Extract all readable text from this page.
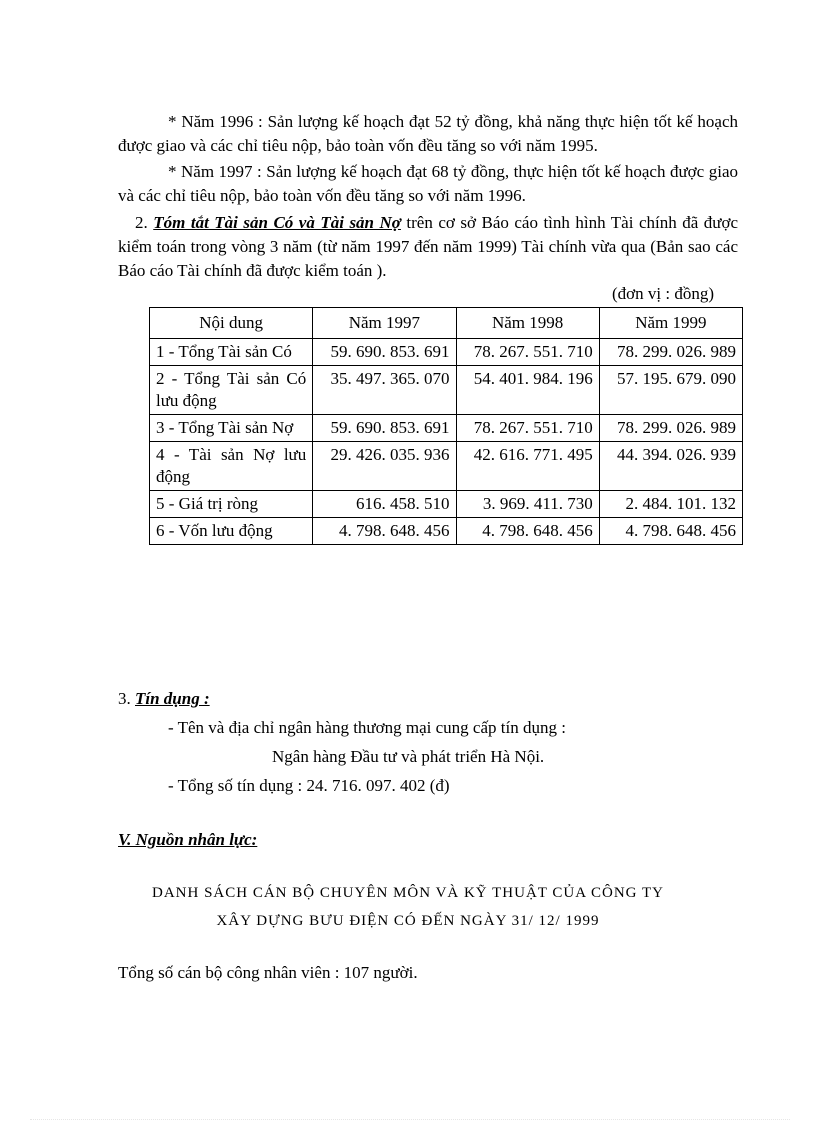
* Năm 1996 : Sản lượng kế hoạch đạt 52 tỷ đồng, khả năng thực hiện tốt kế hoạch được giao và các chỉ tiêu nộp, bảo toàn vốn đều tăng so với năm 1995.
* Năm 1997 : Sản lượng kế hoạch đạt 68 tỷ đồng, thực hiện tốt kế hoạch được giao và các chỉ tiêu nộp, bảo toàn vốn đều tăng so với năm 1996.
2. Tóm tắt Tài sản Có và Tài sản Nợ trên cơ sở Báo cáo tình hình Tài chính đã được kiểm toán trong vòng 3 năm (từ năm 1997 đến năm 1999) Tài chính vừa qua (Bản sao các Báo cáo Tài chính đã được kiểm toán ).
(đơn vị : đồng)
Nội dung	Năm 1997	Năm 1998	Năm 1999
1 - Tổng Tài sản Có	59. 690. 853. 691	78. 267. 551. 710	78. 299. 026. 989
2 - Tổng Tài sản Có lưu động	35. 497. 365. 070	54. 401. 984. 196	57. 195. 679. 090
3 - Tổng Tài sản Nợ	59. 690. 853. 691	78. 267. 551. 710	78. 299. 026. 989
4 - Tài sản Nợ lưu động	29. 426. 035. 936	42. 616. 771. 495	44. 394. 026. 939
5 - Giá trị ròng	616. 458. 510	3. 969. 411. 730	2. 484. 101. 132
6 - Vốn lưu động	4. 798. 648. 456	4. 798. 648. 456	4. 798. 648. 456
3. Tín dụng :
- Tên và địa chỉ ngân hàng thương mại cung cấp tín dụng :
Ngân hàng Đầu tư và phát triển Hà Nội.
- Tổng số tín dụng : 24. 716. 097. 402 (đ)
V. Nguồn nhân lực:
DANH SÁCH CÁN BỘ CHUYÊN MÔN VÀ KỸ THUẬT CỦA CÔNG TY
XÂY DỰNG BƯU ĐIỆN CÓ ĐẾN NGÀY 31/ 12/ 1999
Tổng số cán bộ công nhân viên : 107 người.
